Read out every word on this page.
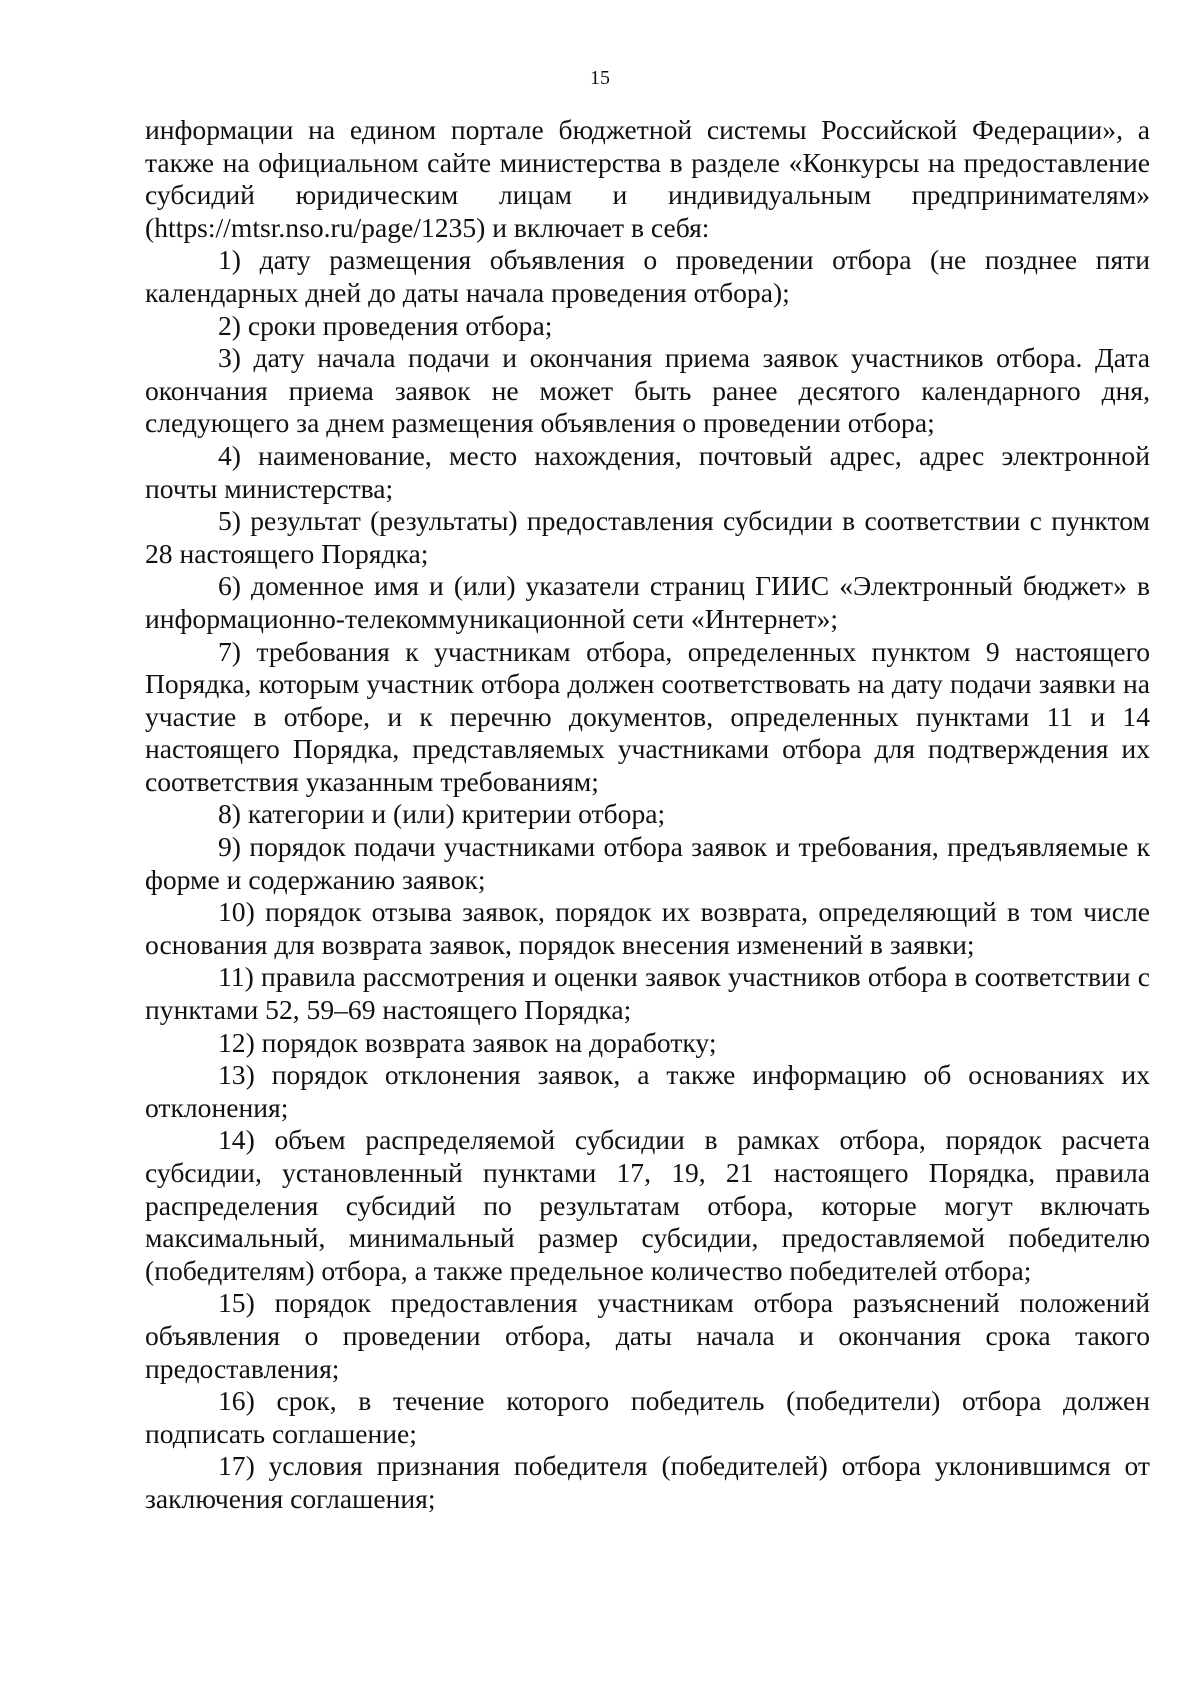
15

информации на едином портале бюджетной системы Российской Федерации», а также на официальном сайте министерства в разделе «Конкурсы на предоставление субсидий юридическим лицам и индивидуальным предпринимателям» (https://mtsr.nso.ru/page/1235) и включает в себя:

1) дату размещения объявления о проведении отбора (не позднее пяти календарных дней до даты начала проведения отбора);

2) сроки проведения отбора;

3) дату начала подачи и окончания приема заявок участников отбора. Дата окончания приема заявок не может быть ранее десятого календарного дня, следующего за днем размещения объявления о проведении отбора;

4) наименование, место нахождения, почтовый адрес, адрес электронной почты министерства;

5) результат (результаты) предоставления субсидии в соответствии с пунктом 28 настоящего Порядка;

6) доменное имя и (или) указатели страниц ГИИС «Электронный бюджет» в информационно-телекоммуникационной сети «Интернет»;

7) требования к участникам отбора, определенных пунктом 9 настоящего Порядка, которым участник отбора должен соответствовать на дату подачи заявки на участие в отборе, и к перечню документов, определенных пунктами 11 и 14 настоящего Порядка, представляемых участниками отбора для подтверждения их соответствия указанным требованиям;

8) категории и (или) критерии отбора;

9) порядок подачи участниками отбора заявок и требования, предъявляемые к форме и содержанию заявок;

10) порядок отзыва заявок, порядок их возврата, определяющий в том числе основания для возврата заявок, порядок внесения изменений в заявки;

11) правила рассмотрения и оценки заявок участников отбора в соответствии с пунктами 52, 59–69 настоящего Порядка;

12) порядок возврата заявок на доработку;

13) порядок отклонения заявок, а также информацию об основаниях их отклонения;

14) объем распределяемой субсидии в рамках отбора, порядок расчета субсидии, установленный пунктами 17, 19, 21 настоящего Порядка, правила распределения субсидий по результатам отбора, которые могут включать максимальный, минимальный размер субсидии, предоставляемой победителю (победителям) отбора, а также предельное количество победителей отбора;

15) порядок предоставления участникам отбора разъяснений положений объявления о проведении отбора, даты начала и окончания срока такого предоставления;

16) срок, в течение которого победитель (победители) отбора должен подписать соглашение;

17) условия признания победителя (победителей) отбора уклонившимся от заключения соглашения;
